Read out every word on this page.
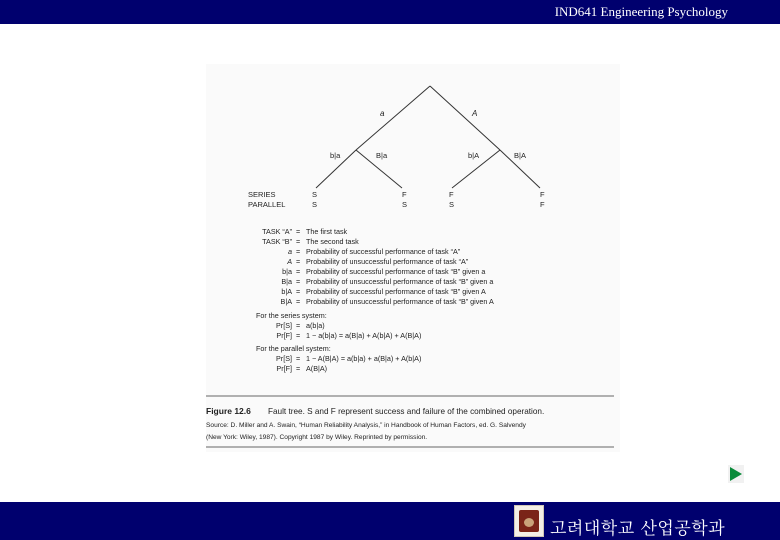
IND641 Engineering Psychology
a	A
b|a	B|a	b|A	B|A
SERIES
PARALLEL
S	F	F	F
S	S	S	F
TASK “A” = The first task
TASK “B” = The second task
a = Probability of successful performance of task “A”
A = Probability of unsuccessful performance of task “A”
b|a = Probability of successful performance of task “B” given a
B|a = Probability of unsuccessful performance of task “B” given a
b|A = Probability of successful performance of task “B” given A
B|A = Probability of unsuccessful performance of task “B” given A
For the series system:
Pr[S] = a(b|a)
Pr[F] = 1 − a(b|a) = a(B|a) + A(b|A) + A(B|A)
For the parallel system:
Pr[S] = 1 − A(B|A) = a(b|a) + a(B|a) + A(b|A)
Pr[F] = A(B|A)
Figure 12.6 Fault tree. S and F represent success and failure of the combined operation.
Source: D. Miller and A. Swain, “Human Reliability Analysis,” in Handbook of Human Factors, ed. G. Salvendy
(New York: Wiley, 1987). Copyright 1987 by Wiley. Reprinted by permission.
고려대학교 산업공학과
